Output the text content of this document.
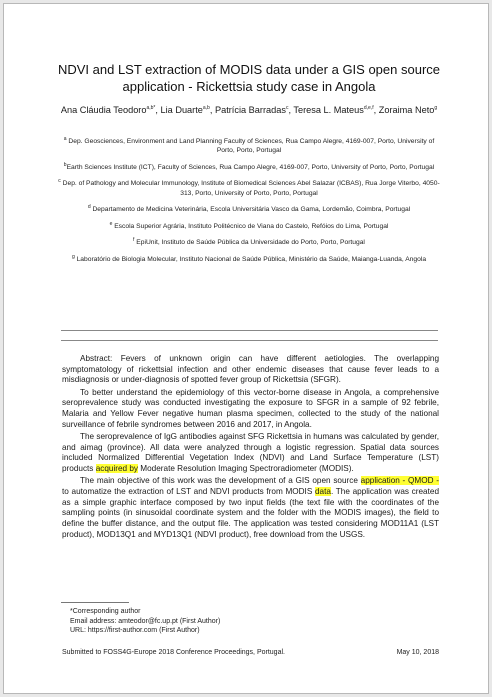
NDVI and LST extraction of MODIS data under a GIS open source application - Rickettsia study case in Angola
Ana Cláudia Teodoro$^{a,b*}$, Lia Duarte$^{a,b}$, Patrícia Barradas$^c$, Teresa L. Mateus$^{d,e,f}$, Zoraima Neto$^g$
$^a$ Dep. Geosciences, Environment and Land Planning Faculty of Sciences, Rua Campo Alegre, 4169-007, Porto, University of Porto, Porto, Portugal
$^b$Earth Sciences Institute (ICT), Faculty of Sciences, Rua Campo Alegre, 4169-007, Porto, University of Porto, Porto, Portugal
$^c$ Dep. of Pathology and Molecular Immunology, Institute of Biomedical Sciences Abel Salazar (ICBAS), Rua Jorge Viterbo, 4050-313, Porto, University of Porto, Porto, Portugal
$^d$ Departamento de Medicina Veterinária, Escola Universitária Vasco da Gama, Lordemão, Coimbra, Portugal
$^e$ Escola Superior Agrária, Instituto Politécnico de Viana do Castelo, Refóios do Lima, Portugal
$^f$ EpiUnit, Instituto de Saúde Pública da Universidade do Porto, Porto, Portugal
$^g$ Laboratório de Biologia Molecular, Instituto Nacional de Saúde Pública, Ministério da Saúde, Maianga-Luanda, Angola

Abstract: Fevers of unknown origin can have different aetiologies. The overlapping symptomatology of rickettsial infection and other endemic diseases that cause fever leads to a misdiagnosis or under-diagnosis of spotted fever group of Rickettsia (SFGR).

To better understand the epidemiology of this vector-borne disease in Angola, a comprehensive seroprevalence study was conducted investigating the exposure to SFGR in a sample of 92 febrile, Malaria and Yellow Fever negative human plasma specimen, collected to the study of the national surveillance of febrile syndromes between 2016 and 2017, in Angola.

The seroprevalence of IgG antibodies against SFG Rickettsia in humans was calculated by gender, and aimag (province). All data were analyzed through a logistic regression. Spatial data sources included Normalized Differential Vegetation Index (NDVI) and Land Surface Temperature (LST) products acquired by Moderate Resolution Imaging Spectroradiometer (MODIS).

The main objective of this work was the development of a GIS open source application - QMOD - to automatize the extraction of LST and NDVI products from MODIS data. The application was created as a simple graphic interface composed by two input fields (the text file with the coordinates of the sampling points (in sinusoidal coordinate system and the folder with the MODIS images), the field to define the buffer distance, and the output file. The application was tested considering MOD11A1 (LST product), MOD13Q1 and MYD13Q1 (NDVI product), free download from the USGS.

*Corresponding author
Email address: amteodor@fc.up.pt (First Author)
URL: https://first-author.com (First Author)
Submitted to FOSS4G-Europe 2018 Conference Proceedings, Portugal.	May 10, 2018
